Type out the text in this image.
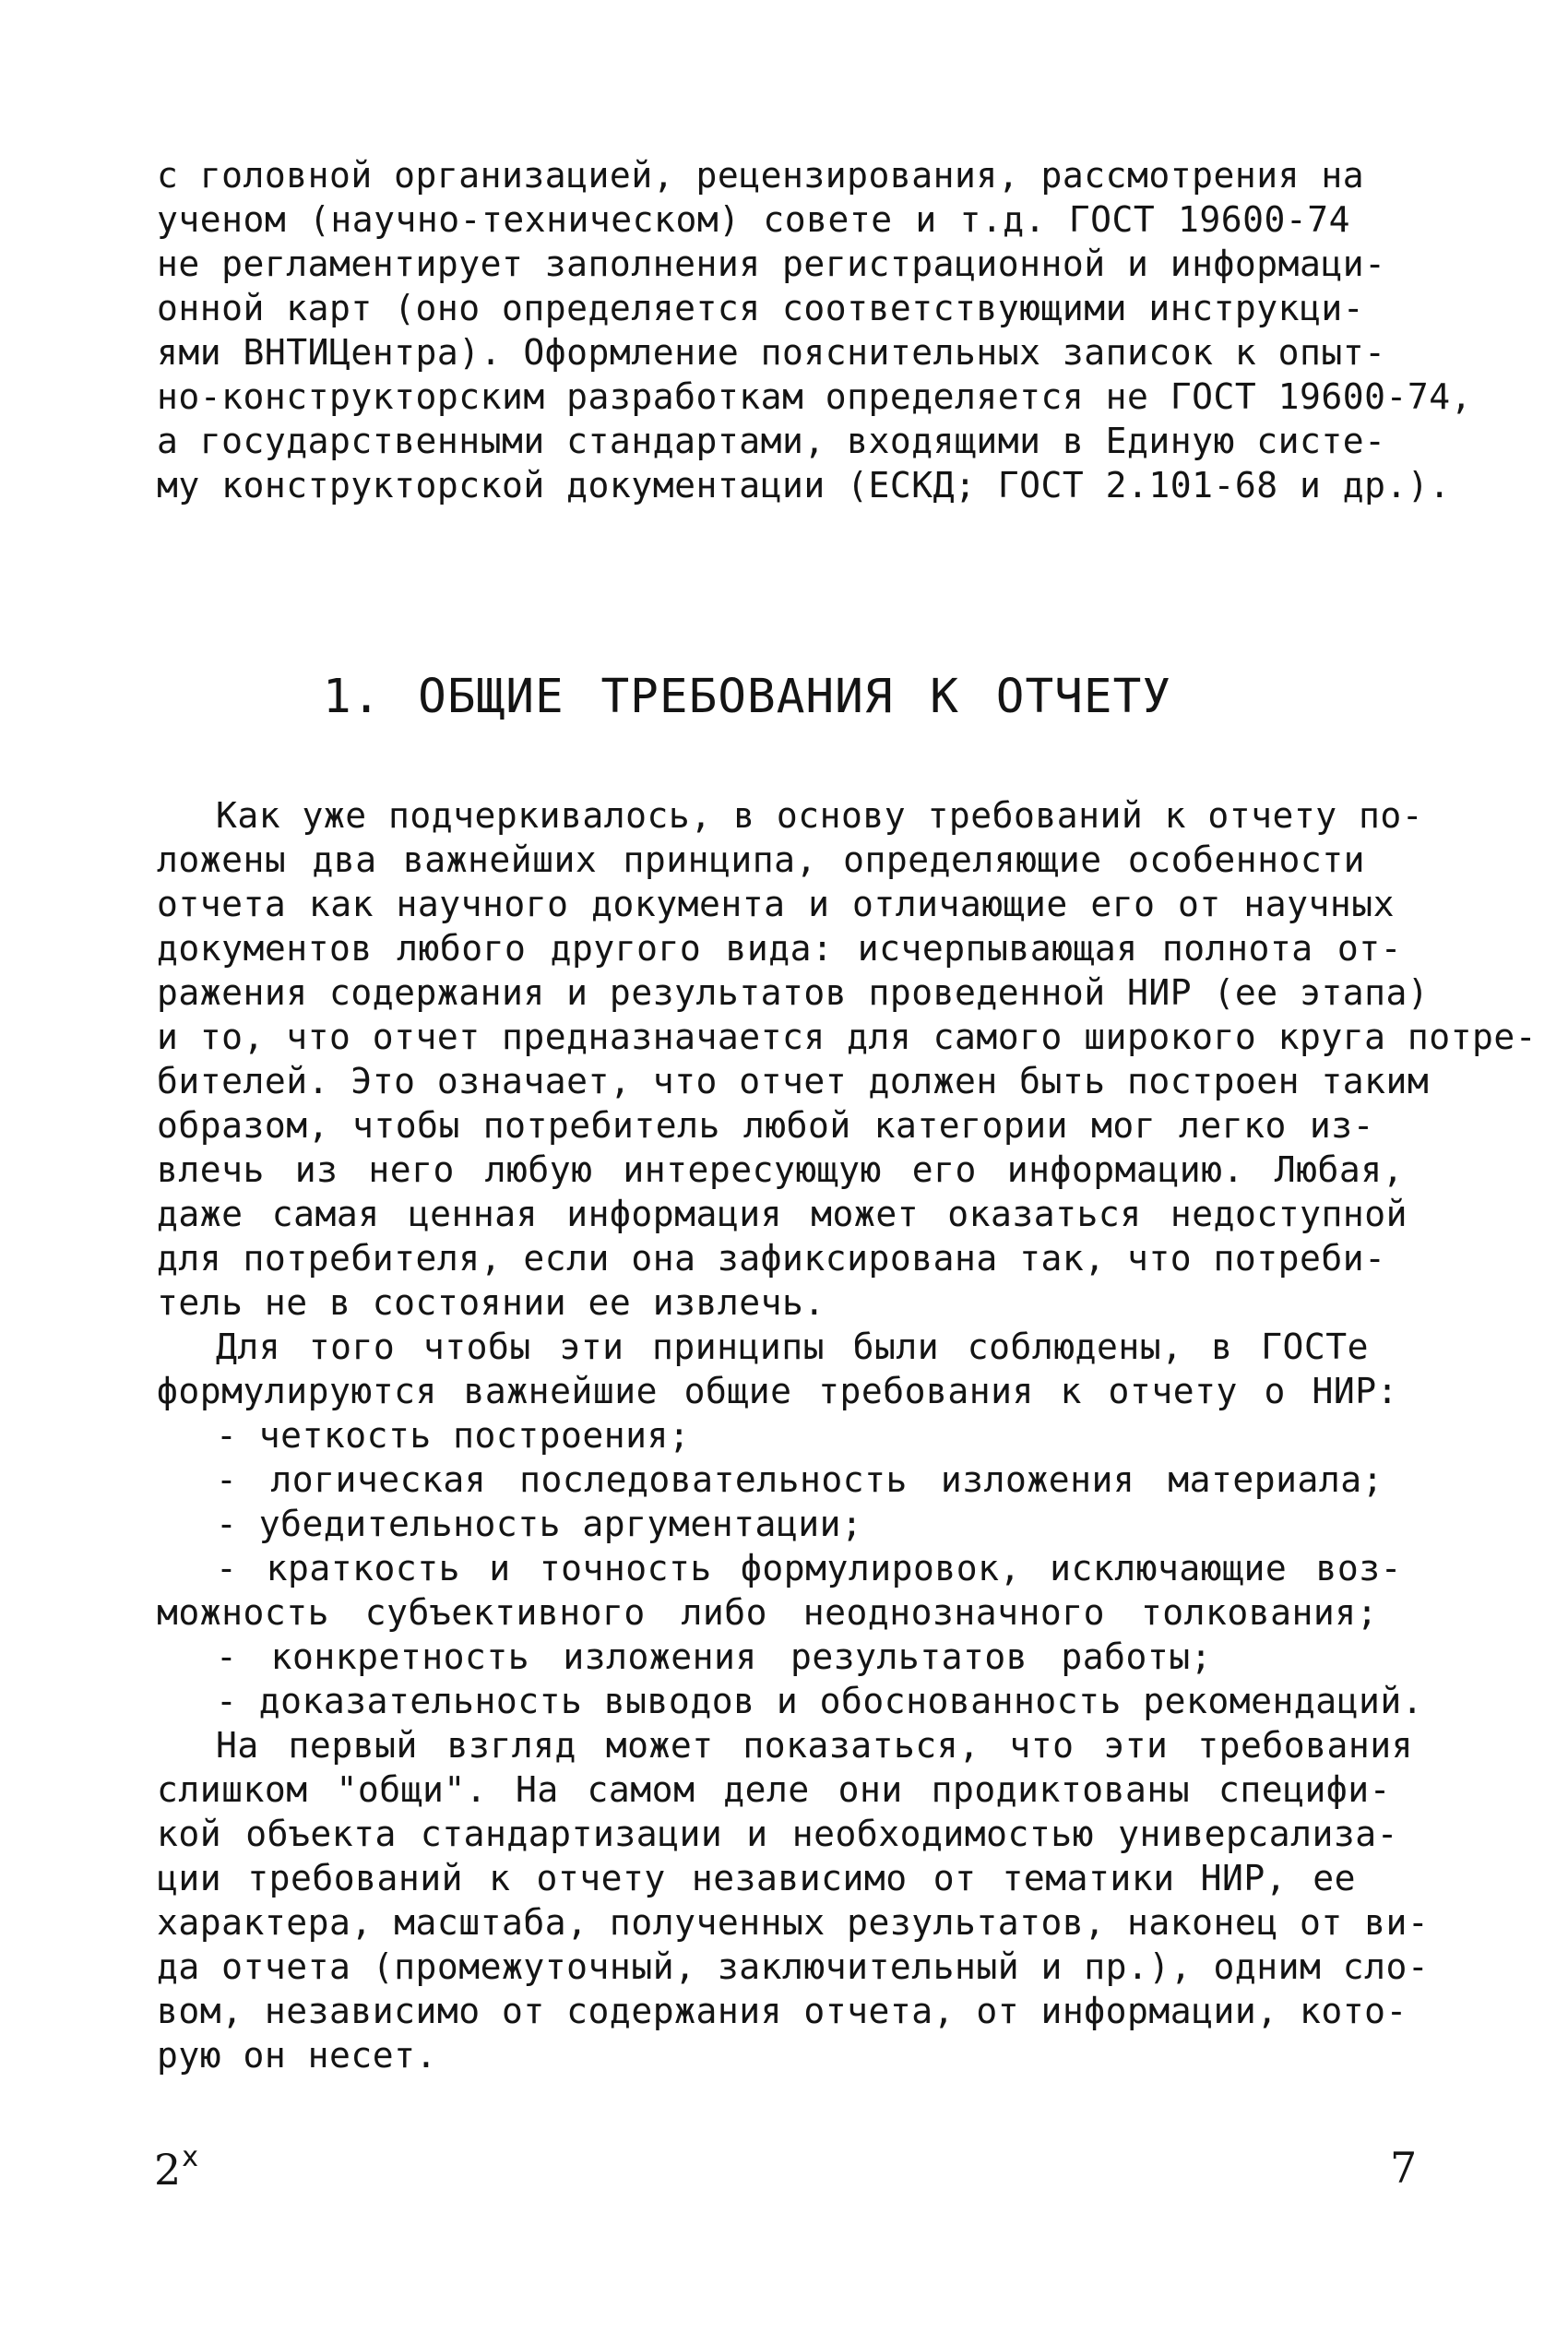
с головной организацией, рецензирования, рассмотрения на
ученом (научно-техническом) совете и т.д. ГОСТ 19600-74
не регламентирует заполнения регистрационной и информаци-
онной карт (оно определяется соответствующими инструкци-
ями ВНТИЦентра). Оформление пояснительных записок к опыт-
но-конструкторским разработкам определяется не ГОСТ 19600-74,
а государственными стандартами, входящими в Единую систе-
му конструкторской документации (ЕСКД; ГОСТ 2.101-68 и др.).
1. ОБЩИЕ ТРЕБОВАНИЯ К ОТЧЕТУ
Как уже подчеркивалось, в основу требований к отчету по-
ложены два важнейших принципа, определяющие особенности
отчета как научного документа и отличающие его от научных
документов любого другого вида: исчерпывающая полнота от-
ражения содержания и результатов проведенной НИР (ее этапа)
и то, что отчет предназначается для самого широкого круга потре-
бителей. Это означает, что отчет должен быть построен таким
образом, чтобы потребитель любой категории мог легко из-
влечь из него любую интересующую его информацию. Любая,
даже самая ценная информация может оказаться недоступной
для потребителя, если она зафиксирована так, что потреби-
тель не в состоянии ее извлечь.
Для того чтобы эти принципы были соблюдены, в ГОСТе
формулируются важнейшие общие требования к отчету о НИР:
- четкость построения;
- логическая последовательность изложения материала;
- убедительность аргументации;
- краткость и точность формулировок, исключающие воз-
можность субъективного либо неоднозначного толкования;
- конкретность изложения результатов работы;
- доказательность выводов и обоснованность рекомендаций.
На первый взгляд может показаться, что эти требования
слишком "общи". На самом деле они продиктованы специфи-
кой объекта стандартизации и необходимостью универсализа-
ции требований к отчету независимо от тематики НИР, ее
характера, масштаба, полученных результатов, наконец от ви-
да отчета (промежуточный, заключительный и пр.), одним сло-
вом, независимо от содержания отчета, от информации, кото-
рую он несет.
2$^x$	7
